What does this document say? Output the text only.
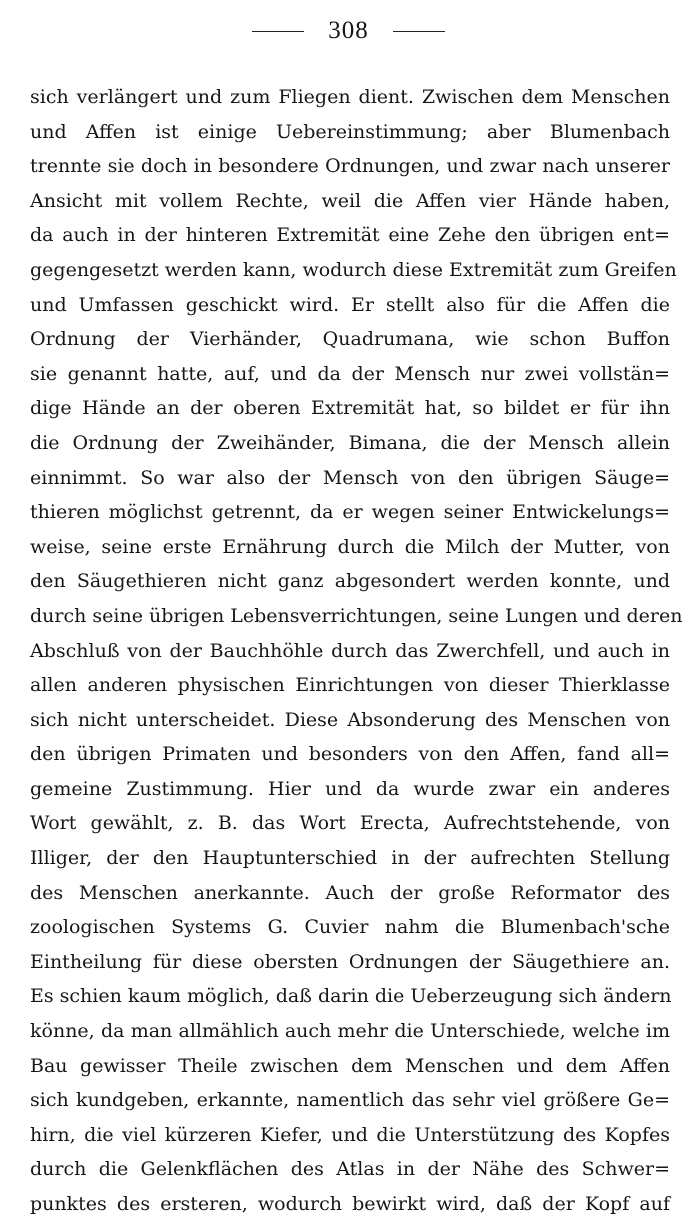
308
sich verlängert und zum Fliegen dient. Zwischen dem Menschen
und Affen ist einige Uebereinstimmung; aber Blumenbach
trennte sie doch in besondere Ordnungen, und zwar nach unserer
Ansicht mit vollem Rechte, weil die Affen vier Hände haben,
da auch in der hinteren Extremität eine Zehe den übrigen ent=
gegengesetzt werden kann, wodurch diese Extremität zum Greifen
und Umfassen geschickt wird. Er stellt also für die Affen die
Ordnung der Vierhänder, Quadrumana, wie schon Buffon
sie genannt hatte, auf, und da der Mensch nur zwei vollstän=
dige Hände an der oberen Extremität hat, so bildet er für ihn
die Ordnung der Zweihänder, Bimana, die der Mensch allein
einnimmt. So war also der Mensch von den übrigen Säuge=
thieren möglichst getrennt, da er wegen seiner Entwickelungs=
weise, seine erste Ernährung durch die Milch der Mutter, von
den Säugethieren nicht ganz abgesondert werden konnte, und
durch seine übrigen Lebensverrichtungen, seine Lungen und deren
Abschluß von der Bauchhöhle durch das Zwerchfell, und auch in
allen anderen physischen Einrichtungen von dieser Thierklasse
sich nicht unterscheidet. Diese Absonderung des Menschen von
den übrigen Primaten und besonders von den Affen, fand all=
gemeine Zustimmung. Hier und da wurde zwar ein anderes
Wort gewählt, z. B. das Wort Erecta, Aufrechtstehende, von
Illiger, der den Hauptunterschied in der aufrechten Stellung
des Menschen anerkannte. Auch der große Reformator des
zoologischen Systems G. Cuvier nahm die Blumenbach'sche
Eintheilung für diese obersten Ordnungen der Säugethiere an.
Es schien kaum möglich, daß darin die Ueberzeugung sich ändern
könne, da man allmählich auch mehr die Unterschiede, welche im
Bau gewisser Theile zwischen dem Menschen und dem Affen
sich kundgeben, erkannte, namentlich das sehr viel größere Ge=
hirn, die viel kürzeren Kiefer, und die Unterstützung des Kopfes
durch die Gelenkflächen des Atlas in der Nähe des Schwer=
punktes des ersteren, wodurch bewirkt wird, daß der Kopf auf
